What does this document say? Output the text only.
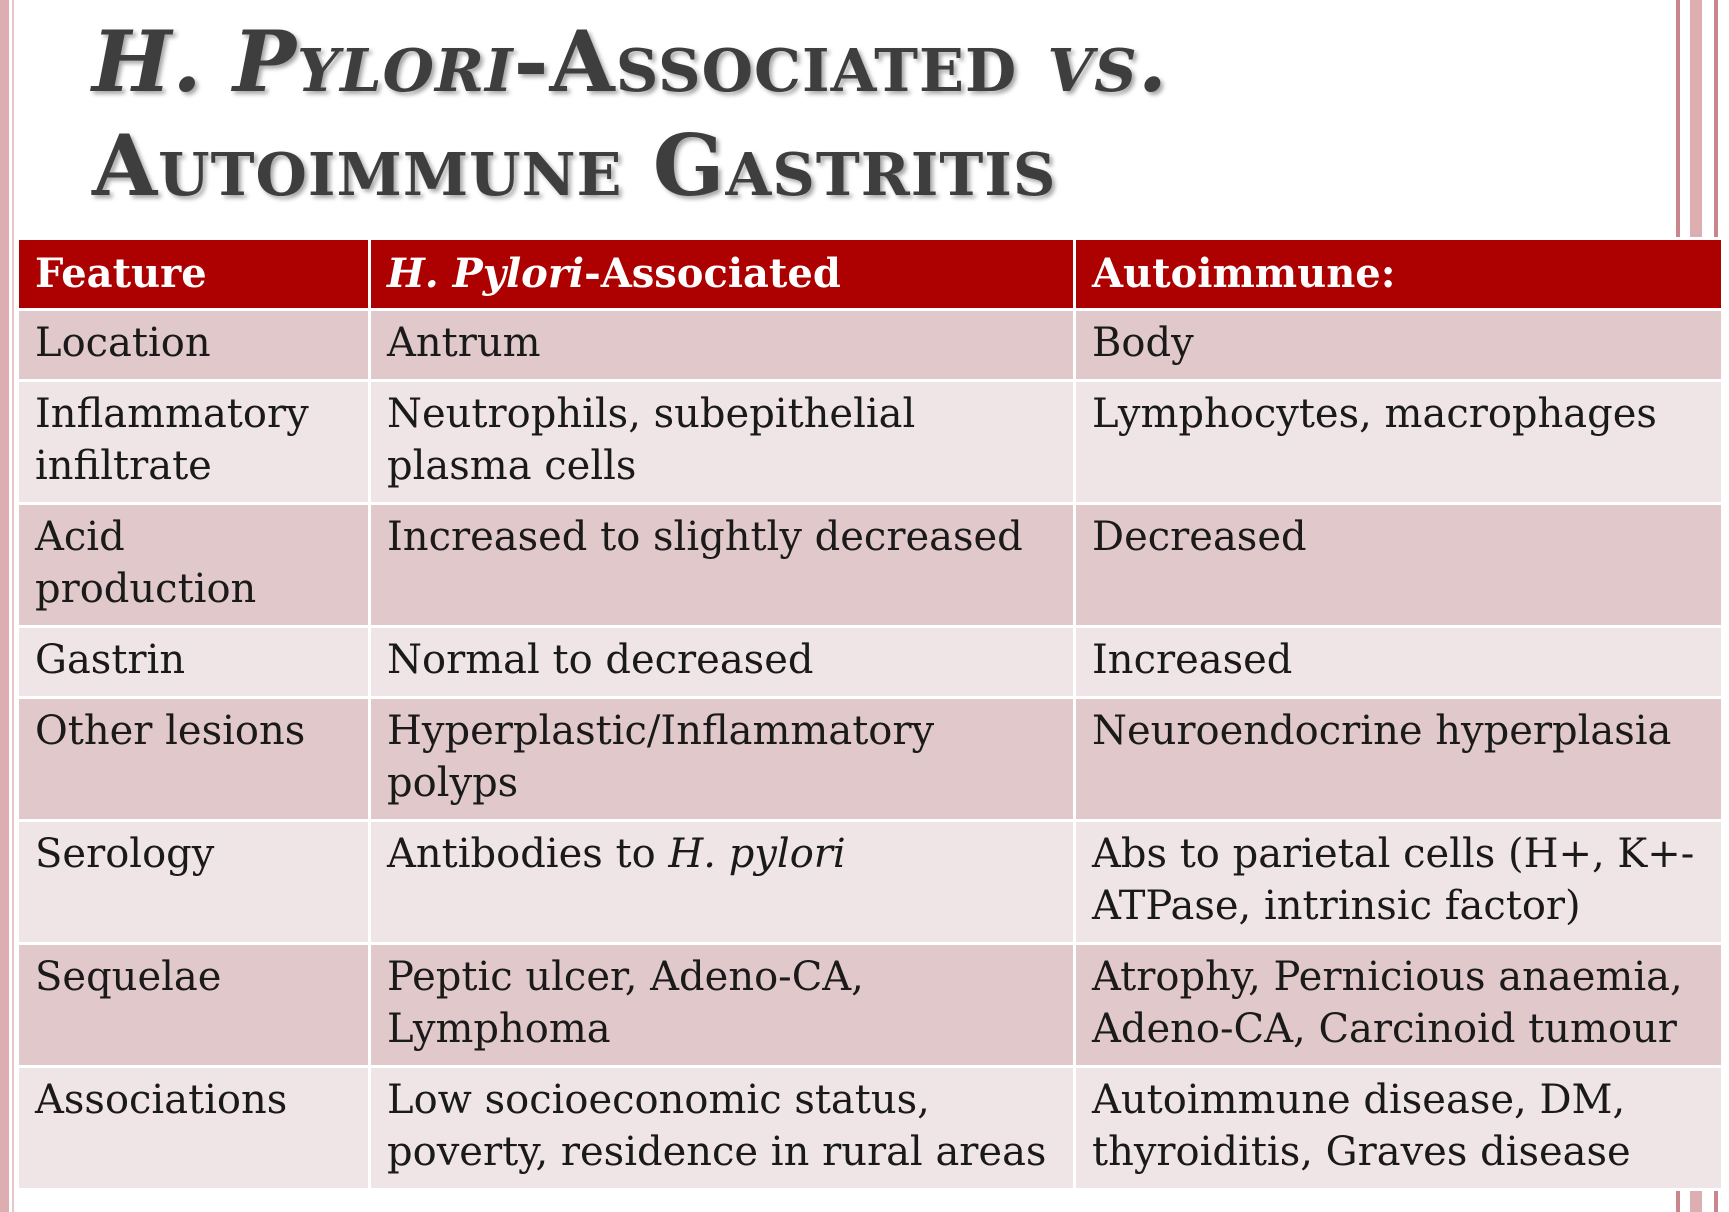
H. Pylori-Associated vs.
Autoimmune Gastritis
Feature	H. Pylori-Associated	Autoimmune:
Location	Antrum	Body
Inflammatory infiltrate	Neutrophils, subepithelial plasma cells	Lymphocytes, macrophages
Acid production	Increased to slightly decreased	Decreased
Gastrin	Normal to decreased	Increased
Other lesions	Hyperplastic/Inflammatory polyps	Neuroendocrine hyperplasia
Serology	Antibodies to H. pylori	Abs to parietal cells (H+, K+-ATPase, intrinsic factor)
Sequelae	Peptic ulcer, Adeno-CA, Lymphoma	Atrophy, Pernicious anaemia, Adeno-CA, Carcinoid tumour
Associations	Low socioeconomic status, poverty, residence in rural areas	Autoimmune disease, DM, thyroiditis, Graves disease
